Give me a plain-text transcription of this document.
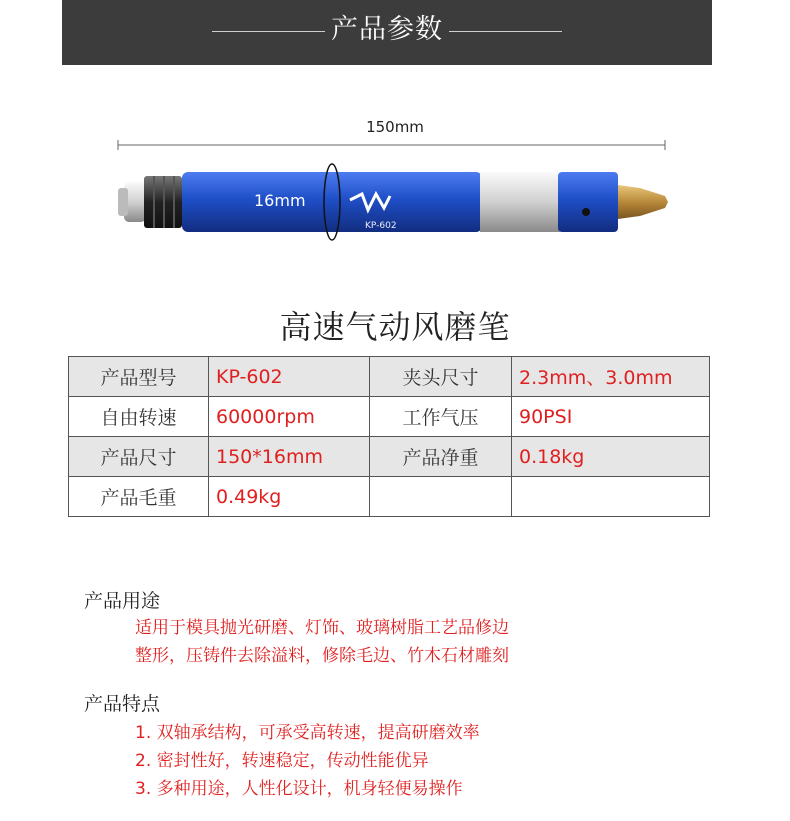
产品参数
KP-602
150mm
16mm
高速气动风磨笔
产品型号	KP-602	夹头尺寸	2.3mm、3.0mm
自由转速	60000rpm	工作气压	90PSI
产品尺寸	150*16mm	产品净重	0.18kg
产品毛重	0.49kg		
产品用途
适用于模具抛光研磨、灯饰、玻璃树脂工艺品修边
整形，压铸件去除溢料，修除毛边、竹木石材雕刻
产品特点
1. 双轴承结构，可承受高转速，提高研磨效率
2. 密封性好，转速稳定，传动性能优异
3. 多种用途，人性化设计，机身轻便易操作
